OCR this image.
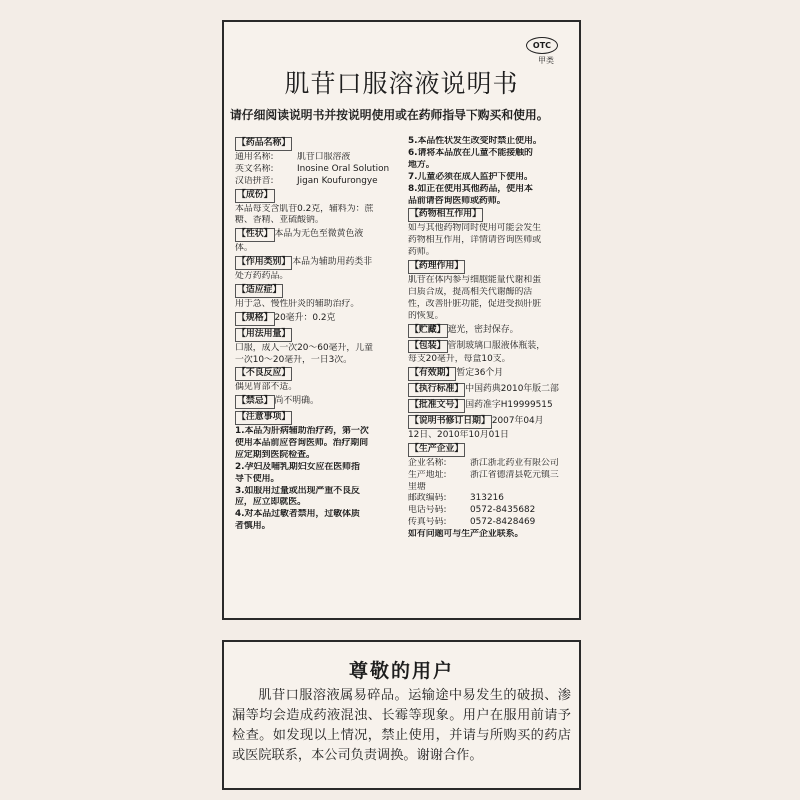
OTC
甲类
肌苷口服溶液说明书
请仔细阅读说明书并按说明使用或在药师指导下购买和使用。
【药品名称】
通用名称:	肌苷口服溶液
英文名称:	Inosine Oral Solution
汉语拼音:	Jigan Koufurongye
【成份】
本品每支含肌苷0.2克，辅料为：蔗
糖、香精、亚硫酸钠。
【性状】 本品为无色至微黄色液
体。
【作用类别】 本品为辅助用药类非
处方药药品。
【适应症】
用于急、慢性肝炎的辅助治疗。
【规格】 20毫升：0.2克
【用法用量】
口服，成人一次20～60毫升，儿童
一次10～20毫升，一日3次。
【不良反应】
偶见胃部不适。
【禁忌】 尚不明确。
【注意事项】
1.本品为肝病辅助治疗药，第一次
使用本品前应咨询医师。治疗期间
应定期到医院检查。
2.孕妇及哺乳期妇女应在医师指
导下使用。
3.如服用过量或出现严重不良反
应，应立即就医。
4.对本品过敏者禁用，过敏体质
者慎用。
5.本品性状发生改变时禁止使用。
6.请将本品放在儿童不能接触的
地方。
7.儿童必须在成人监护下使用。
8.如正在使用其他药品，使用本
品前请咨询医师或药师。
【药物相互作用】
如与其他药物同时使用可能会发生
药物相互作用，详情请咨询医师或
药师。
【药理作用】
肌苷在体内参与细胞能量代谢和蛋
白质合成，提高相关代谢酶的活
性，改善肝脏功能，促进受损肝脏
的恢复。
【贮藏】 遮光，密封保存。
【包装】 管制玻璃口服液体瓶装，
每支20毫升，每盒10支。
【有效期】 暂定36个月
【执行标准】 中国药典2010年版二部
【批准文号】 国药准字H19999515
【说明书修订日期】 2007年04月
12日、2010年10月01日
【生产企业】
企业名称:	浙江浙北药业有限公司
生产地址:	浙江省德清县乾元镇三
里塘
邮政编码:	313216
电话号码:	0572-8435682
传真号码:	0572-8428469
如有问题可与生产企业联系。
尊敬的用户
肌苷口服溶液属易碎品。运输途中易发生的破损、渗漏等均会造成药液混浊、长霉等现象。用户在服用前请予检查。如发现以上情况，禁止使用，并请与所购买的药店或医院联系，本公司负责调换。谢谢合作。
